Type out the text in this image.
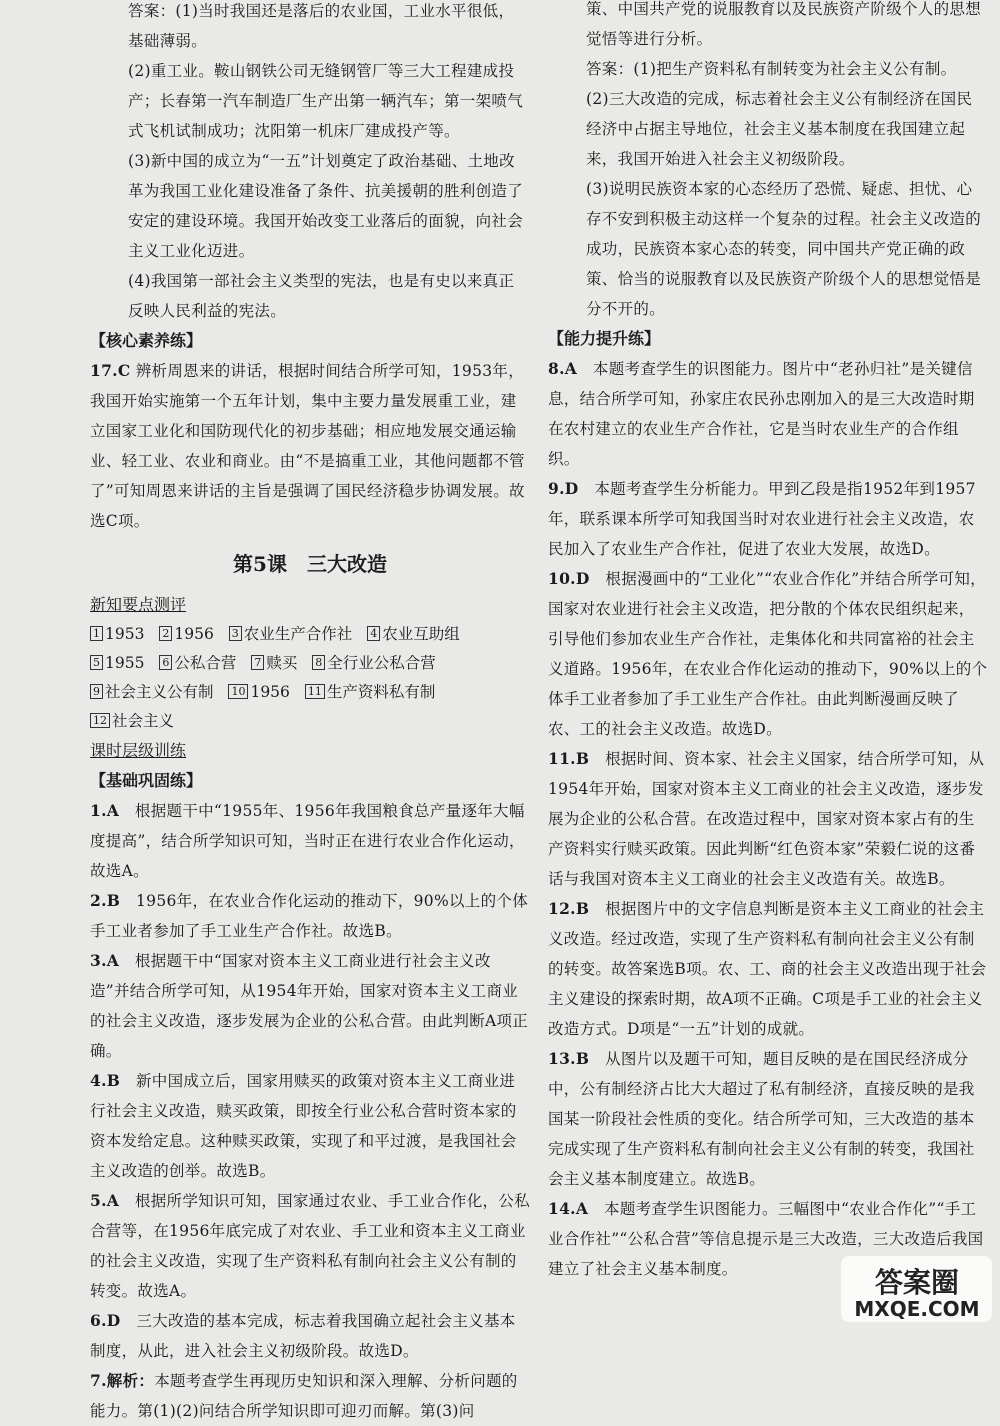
答案：(1)当时我国还是落后的农业国，工业水平很低，基础薄弱。
(2)重工业。鞍山钢铁公司无缝钢管厂等三大工程建成投产；长春第一汽车制造厂生产出第一辆汽车；第一架喷气式飞机试制成功；沈阳第一机床厂建成投产等。
(3)新中国的成立为“一五”计划奠定了政治基础、土地改革为我国工业化建设准备了条件、抗美援朝的胜利创造了安定的建设环境。我国开始改变工业落后的面貌，向社会主义工业化迈进。
(4)我国第一部社会主义类型的宪法，也是有史以来真正反映人民利益的宪法。
【核心素养练】
17.C 辨析周恩来的讲话，根据时间结合所学可知，1953年，我国开始实施第一个五年计划，集中主要力量发展重工业，建立国家工业化和国防现代化的初步基础；相应地发展交通运输业、轻工业、农业和商业。由“不是搞重工业，其他问题都不管了”可知周恩来讲话的主旨是强调了国民经济稳步协调发展。故选C项。
第5课　三大改造
新知要点测评
1 1953 2 1956 3 农业生产合作社 4 农业互助组 5 1955 6 公私合营 7 赎买 8 全行业公私合营 9 社会主义公有制 10 1956 11 生产资料私有制 12 社会主义
课时层级训练
【基础巩固练】
1.A　 根据题干中“1955年、1956年我国粮食总产量逐年大幅度提高”，结合所学知识可知，当时正在进行农业合作化运动，故选A。
2.B　 1956年，在农业合作化运动的推动下，90%以上的个体手工业者参加了手工业生产合作社。故选B。
3.A　 根据题干中“国家对资本主义工商业进行社会主义改造”并结合所学可知，从1954年开始，国家对资本主义工商业的社会主义改造，逐步发展为企业的公私合营。由此判断A项正确。
4.B　 新中国成立后，国家用赎买的政策对资本主义工商业进行社会主义改造，赎买政策，即按全行业公私合营时资本家的资本发给定息。这种赎买政策，实现了和平过渡，是我国社会主义改造的创举。故选B。
5.A　 根据所学知识可知，国家通过农业、手工业合作化，公私合营等，在1956年底完成了对农业、手工业和资本主义工商业的社会主义改造，实现了生产资料私有制向社会主义公有制的转变。故选A。
6.D　 三大改造的基本完成，标志着我国确立起社会主义基本制度，从此，进入社会主义初级阶段。故选D。
7.解析：本题考查学生再现历史知识和深入理解、分析问题的能力。第(1)(2)问结合所学知识即可迎刃而解。第(3)问
策、中国共产党的说服教育以及民族资产阶级个人的思想觉悟等进行分析。
答案：(1)把生产资料私有制转变为社会主义公有制。
(2)三大改造的完成，标志着社会主义公有制经济在国民经济中占据主导地位，社会主义基本制度在我国建立起来，我国开始进入社会主义初级阶段。
(3)说明民族资本家的心态经历了恐慌、疑虑、担忧、心存不安到积极主动这样一个复杂的过程。社会主义改造的成功，民族资本家心态的转变，同中国共产党正确的政策、恰当的说服教育以及民族资产阶级个人的思想觉悟是分不开的。
【能力提升练】
8.A　 本题考查学生的识图能力。图片中“老孙归社”是关键信息，结合所学可知，孙家庄农民孙忠刚加入的是三大改造时期在农村建立的农业生产合作社，它是当时农业生产的合作组织。
9.D　 本题考查学生分析能力。甲到乙段是指1952年到1957年，联系课本所学可知我国当时对农业进行社会主义改造，农民加入了农业生产合作社，促进了农业大发展，故选D。
10.D　 根据漫画中的“工业化”“农业合作化”并结合所学可知，国家对农业进行社会主义改造，把分散的个体农民组织起来，引导他们参加农业生产合作社，走集体化和共同富裕的社会主义道路。1956年，在农业合作化运动的推动下，90%以上的个体手工业者参加了手工业生产合作社。由此判断漫画反映了农、工的社会主义改造。故选D。
11.B　 根据时间、资本家、社会主义国家，结合所学可知，从1954年开始，国家对资本主义工商业的社会主义改造，逐步发展为企业的公私合营。在改造过程中，国家对资本家占有的生产资料实行赎买政策。因此判断“红色资本家”荣毅仁说的这番话与我国对资本主义工商业的社会主义改造有关。故选B。
12.B　 根据图片中的文字信息判断是资本主义工商业的社会主义改造。经过改造，实现了生产资料私有制向社会主义公有制的转变。故答案选B项。农、工、商的社会主义改造出现于社会主义建设的探索时期，故A项不正确。C项是手工业的社会主义改造方式。D项是“一五”计划的成就。
13.B　 从图片以及题干可知，题目反映的是在国民经济成分中，公有制经济占比大大超过了私有制经济，直接反映的是我国某一阶段社会性质的变化。结合所学可知，三大改造的基本完成实现了生产资料私有制向社会主义公有制的转变，我国社会主义基本制度建立。故选B。
14.A　 本题考查学生识图能力。三幅图中“农业合作化”“手工业合作社”“公私合营”等信息提示是三大改造，三大改造后我国建立了社会主义基本制度。	答案圈
MXQE.COM
